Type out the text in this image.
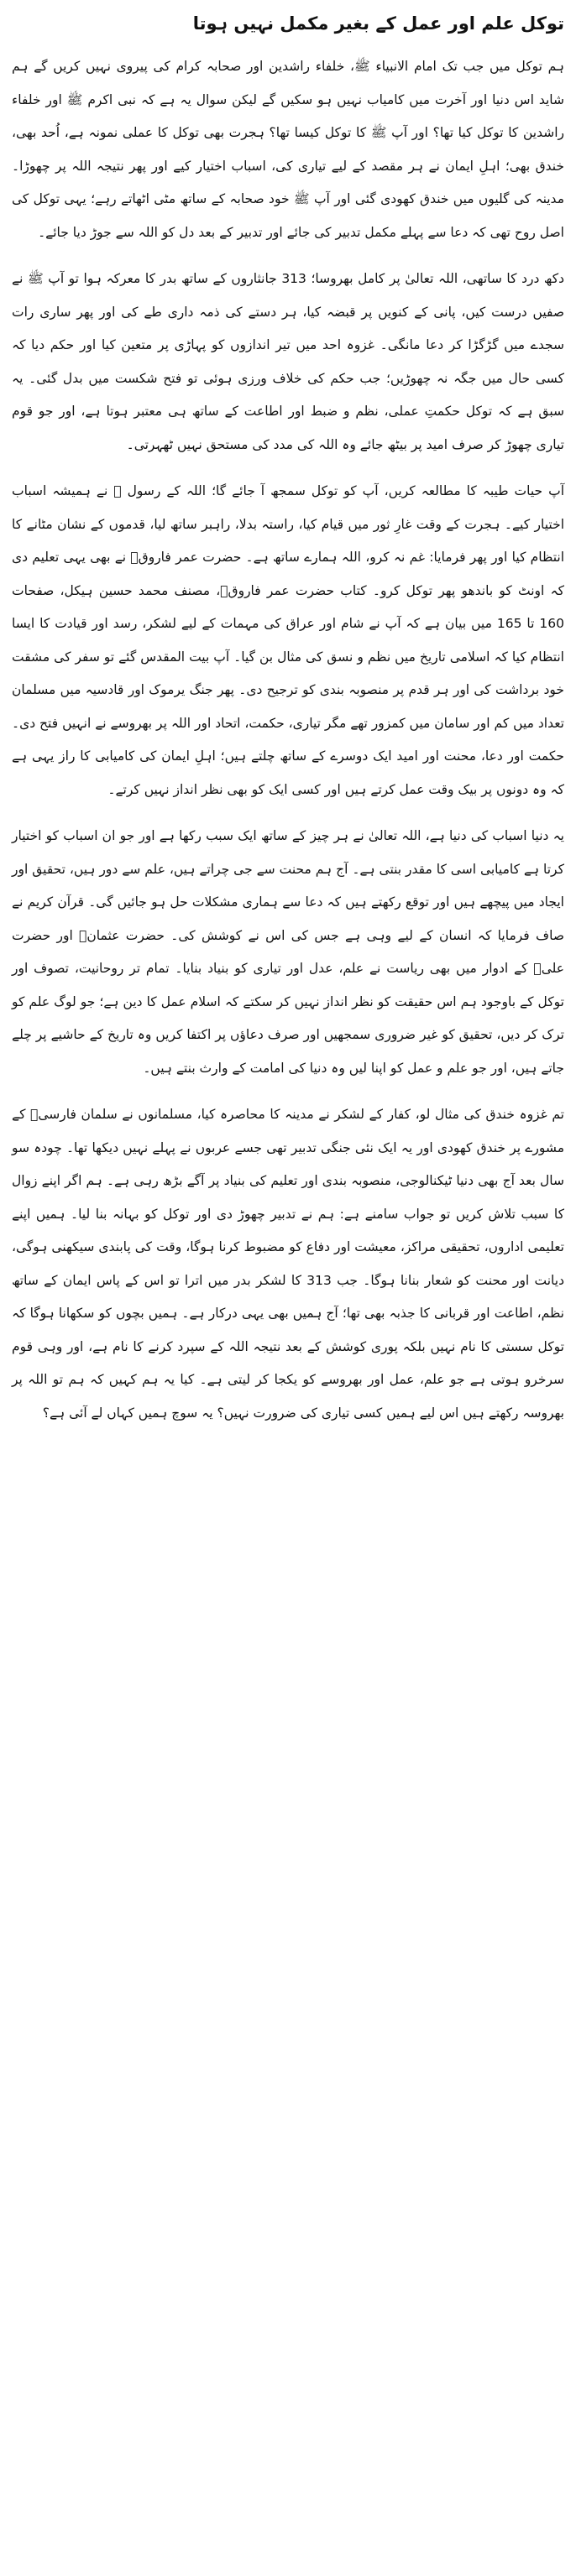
توکل علم اور عمل کے بغیر مکمل نہیں ہوتا

ہم توکل میں جب تک امام الانبیاء ﷺ، خلفاء راشدین اور صحابہ کرام کی پیروی نہیں کریں گے ہم شاید اس دنیا اور آخرت میں کامیاب نہیں ہو سکیں گے لیکن سوال یہ ہے کہ نبی اکرم ﷺ اور خلفاء راشدین کا توکل کیا تھا؟ اور آپ ﷺ کا توکل کیسا تھا؟ ہجرت بھی توکل کا عملی نمونہ ہے، اُحد بھی، خندق بھی؛ اہلِ ایمان نے ہر مقصد کے لیے تیاری کی، اسباب اختیار کیے اور پھر نتیجہ اللہ پر چھوڑا۔ مدینہ کی گلیوں میں خندق کھودی گئی اور آپ ﷺ خود صحابہ کے ساتھ مٹی اٹھاتے رہے؛ یہی توکل کی اصل روح تھی کہ دعا سے پہلے مکمل تدبیر کی جائے اور تدبیر کے بعد دل کو اللہ سے جوڑ دیا جائے۔

دکھ درد کا ساتھی، اللہ تعالیٰ پر کامل بھروسا؛ 313 جانثاروں کے ساتھ بدر کا معرکہ ہوا تو آپ ﷺ نے صفیں درست کیں، پانی کے کنویں پر قبضہ کیا، ہر دستے کی ذمہ داری طے کی اور پھر ساری رات سجدے میں گڑگڑا کر دعا مانگی۔ غزوہ احد میں تیر اندازوں کو پہاڑی پر متعین کیا اور حکم دیا کہ کسی حال میں جگہ نہ چھوڑیں؛ جب حکم کی خلاف ورزی ہوئی تو فتح شکست میں بدل گئی۔ یہ سبق ہے کہ توکل حکمتِ عملی، نظم و ضبط اور اطاعت کے ساتھ ہی معتبر ہوتا ہے، اور جو قوم تیاری چھوڑ کر صرف امید پر بیٹھ جائے وہ اللہ کی مدد کی مستحق نہیں ٹھہرتی۔

آپ حیات طیبہ کا مطالعہ کریں، آپ کو توکل سمجھ آ جائے گا؛ اللہ کے رسول ﷺ نے ہمیشہ اسباب اختیار کیے۔ ہجرت کے وقت غارِ ثور میں قیام کیا، راستہ بدلا، راہبر ساتھ لیا، قدموں کے نشان مٹانے کا انتظام کیا اور پھر فرمایا: غم نہ کرو، اللہ ہمارے ساتھ ہے۔ حضرت عمر فاروقؓ نے بھی یہی تعلیم دی کہ اونٹ کو باندھو پھر توکل کرو۔ کتاب حضرت عمر فاروقؓ، مصنف محمد حسین ہیکل، صفحات 160 تا 165 میں بیان ہے کہ آپ نے شام اور عراق کی مہمات کے لیے لشکر، رسد اور قیادت کا ایسا انتظام کیا کہ اسلامی تاریخ میں نظم و نسق کی مثال بن گیا۔ آپ بیت المقدس گئے تو سفر کی مشقت خود برداشت کی اور ہر قدم پر منصوبہ بندی کو ترجیح دی۔ پھر جنگ یرموک اور قادسیہ میں مسلمان تعداد میں کم اور سامان میں کمزور تھے مگر تیاری، حکمت، اتحاد اور اللہ پر بھروسے نے انہیں فتح دی۔ حکمت اور دعا، محنت اور امید ایک دوسرے کے ساتھ چلتے ہیں؛ اہلِ ایمان کی کامیابی کا راز یہی ہے کہ وہ دونوں پر بیک وقت عمل کرتے ہیں اور کسی ایک کو بھی نظر انداز نہیں کرتے۔

یہ دنیا اسباب کی دنیا ہے، اللہ تعالیٰ نے ہر چیز کے ساتھ ایک سبب رکھا ہے اور جو ان اسباب کو اختیار کرتا ہے کامیابی اسی کا مقدر بنتی ہے۔ آج ہم محنت سے جی چراتے ہیں، علم سے دور ہیں، تحقیق اور ایجاد میں پیچھے ہیں اور توقع رکھتے ہیں کہ دعا سے ہماری مشکلات حل ہو جائیں گی۔ قرآن کریم نے صاف فرمایا کہ انسان کے لیے وہی ہے جس کی اس نے کوشش کی۔ حضرت عثمانؓ اور حضرت علیؓ کے ادوار میں بھی ریاست نے علم، عدل اور تیاری کو بنیاد بنایا۔ تمام تر روحانیت، تصوف اور توکل کے باوجود ہم اس حقیقت کو نظر انداز نہیں کر سکتے کہ اسلام عمل کا دین ہے؛ جو لوگ علم کو ترک کر دیں، تحقیق کو غیر ضروری سمجھیں اور صرف دعاؤں پر اکتفا کریں وہ تاریخ کے حاشیے پر چلے جاتے ہیں، اور جو علم و عمل کو اپنا لیں وہ دنیا کی امامت کے وارث بنتے ہیں۔

تم غزوہ خندق کی مثال لو، کفار کے لشکر نے مدینہ کا محاصرہ کیا، مسلمانوں نے سلمان فارسیؓ کے مشورے پر خندق کھودی اور یہ ایک نئی جنگی تدبیر تھی جسے عربوں نے پہلے نہیں دیکھا تھا۔ چودہ سو سال بعد آج بھی دنیا ٹیکنالوجی، منصوبہ بندی اور تعلیم کی بنیاد پر آگے بڑھ رہی ہے۔ ہم اگر اپنے زوال کا سبب تلاش کریں تو جواب سامنے ہے: ہم نے تدبیر چھوڑ دی اور توکل کو بہانہ بنا لیا۔ ہمیں اپنے تعلیمی اداروں، تحقیقی مراکز، معیشت اور دفاع کو مضبوط کرنا ہوگا، وقت کی پابندی سیکھنی ہوگی، دیانت اور محنت کو شعار بنانا ہوگا۔ جب 313 کا لشکر بدر میں اترا تو اس کے پاس ایمان کے ساتھ نظم، اطاعت اور قربانی کا جذبہ بھی تھا؛ آج ہمیں بھی یہی درکار ہے۔ ہمیں بچوں کو سکھانا ہوگا کہ توکل سستی کا نام نہیں بلکہ پوری کوشش کے بعد نتیجہ اللہ کے سپرد کرنے کا نام ہے، اور وہی قوم سرخرو ہوتی ہے جو علم، عمل اور بھروسے کو یکجا کر لیتی ہے۔ کیا یہ ہم کہیں کہ ہم تو اللہ پر بھروسہ رکھتے ہیں اس لیے ہمیں کسی تیاری کی ضرورت نہیں؟ یہ سوچ ہمیں کہاں لے آئی ہے؟
